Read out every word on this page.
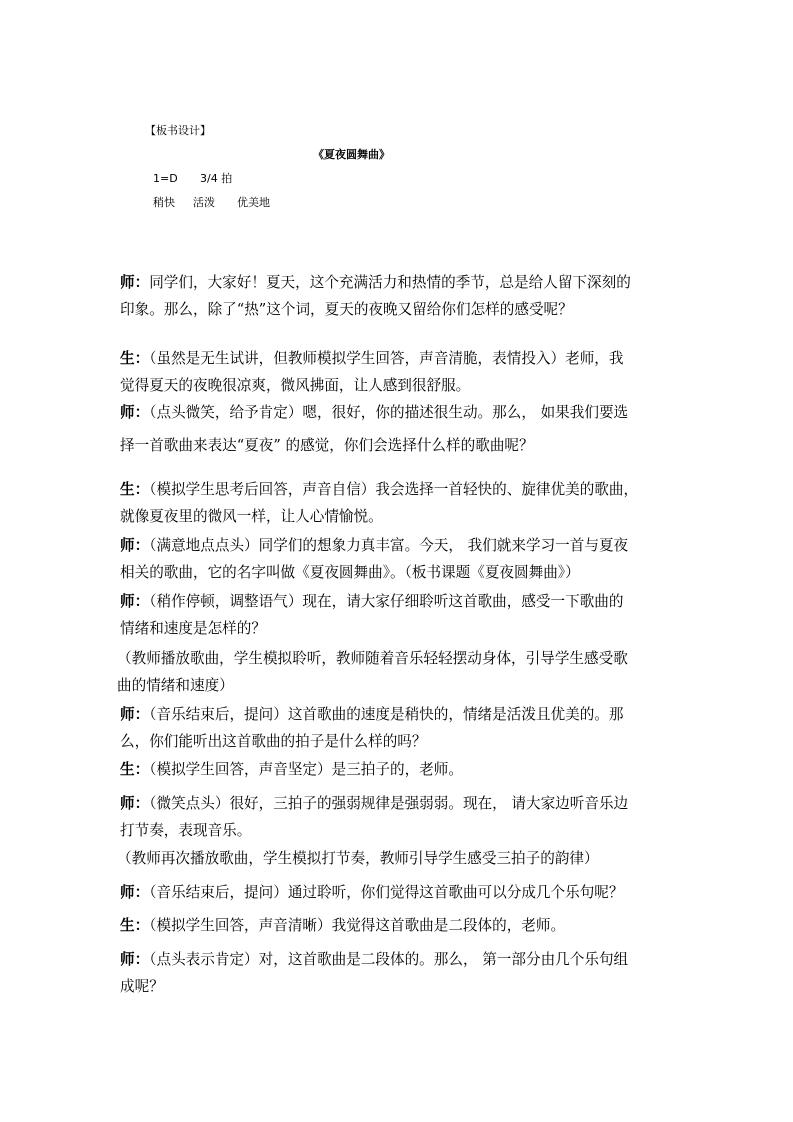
【板书设计】
《夏夜圆舞曲》
1=D 3/4 拍
稍快 活泼 优美地
师：同学们，大家好！夏天，这个充满活力和热情的季节，总是给人留下深刻的
印象。那么，除了“热”这个词，夏天的夜晚又留给你们怎样的感受呢？
生：（虽然是无生试讲，但教师模拟学生回答，声音清脆，表情投入）老师，我
觉得夏天的夜晚很凉爽，微风拂面，让人感到很舒服。
师：（点头微笑，给予肯定）嗯，很好，你的描述很生动。那么， 如果我们要选
择一首歌曲来表达“夏夜” 的感觉，你们会选择什么样的歌曲呢？
生：（模拟学生思考后回答，声音自信）我会选择一首轻快的、旋律优美的歌曲，
就像夏夜里的微风一样，让人心情愉悦。
师：（满意地点点头）同学们的想象力真丰富。今天， 我们就来学习一首与夏夜
相关的歌曲，它的名字叫做《夏夜圆舞曲》。（板书课题《夏夜圆舞曲》）
师：（稍作停顿，调整语气）现在，请大家仔细聆听这首歌曲，感受一下歌曲的
情绪和速度是怎样的？
（教师播放歌曲，学生模拟聆听，教师随着音乐轻轻摆动身体，引导学生感受歌
曲的情绪和速度）
师：（音乐结束后，提问）这首歌曲的速度是稍快的，情绪是活泼且优美的。那
么，你们能听出这首歌曲的拍子是什么样的吗？
生：（模拟学生回答，声音坚定）是三拍子的，老师。
师：（微笑点头）很好，三拍子的强弱规律是强弱弱。现在， 请大家边听音乐边
打节奏，表现音乐。
（教师再次播放歌曲，学生模拟打节奏，教师引导学生感受三拍子的韵律）
师：（音乐结束后，提问）通过聆听，你们觉得这首歌曲可以分成几个乐句呢？
生：（模拟学生回答，声音清晰）我觉得这首歌曲是二段体的，老师。
师：（点头表示肯定）对，这首歌曲是二段体的。那么， 第一部分由几个乐句组
成呢？
